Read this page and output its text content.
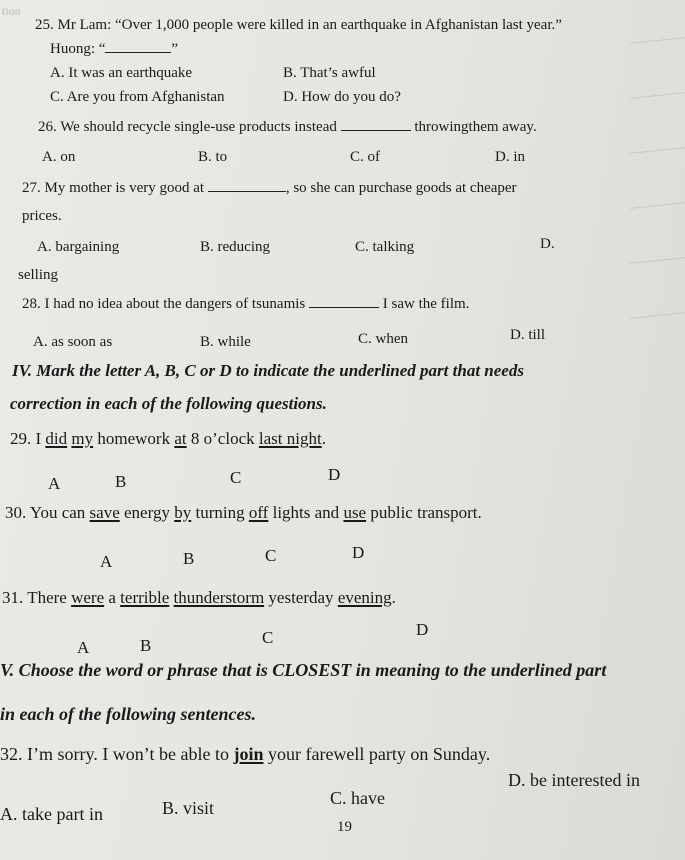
tion
25. Mr Lam: “Over 1,000 people were killed in an earthquake in Afghanistan last year.”
Huong: “	”
A. It was an earthquake	B. That’s awful
C. Are you from Afghanistan	D. How do you do?
26. We should recycle single-use products instead	throwingthem away.
A. on	B. to	C. of	D. in
27. My mother is very good at	, so she can purchase goods at cheaper
prices.
A. bargaining	B. reducing	C. talking	D.
selling
28. I had no idea about the dangers of tsunamis	I saw the film.
A. as soon as	B. while	C. when	D. till
IV. Mark the letter A, B, C or D to indicate the underlined part that needs
correction in each of the following questions.
29. I did my homework at 8 o’clock last night.
A	B	C	D
30. You can save energy by turning off lights and use public transport.
A	B	C	D
31. There were a terrible thunderstorm yesterday evening.
A	B	C	D
V. Choose the word or phrase that is CLOSEST in meaning to the underlined part
in each of the following sentences.
32. I’m sorry. I won’t be able to join your farewell party on Sunday.
A. take part in	B. visit	C. have
D. be interested in
19
